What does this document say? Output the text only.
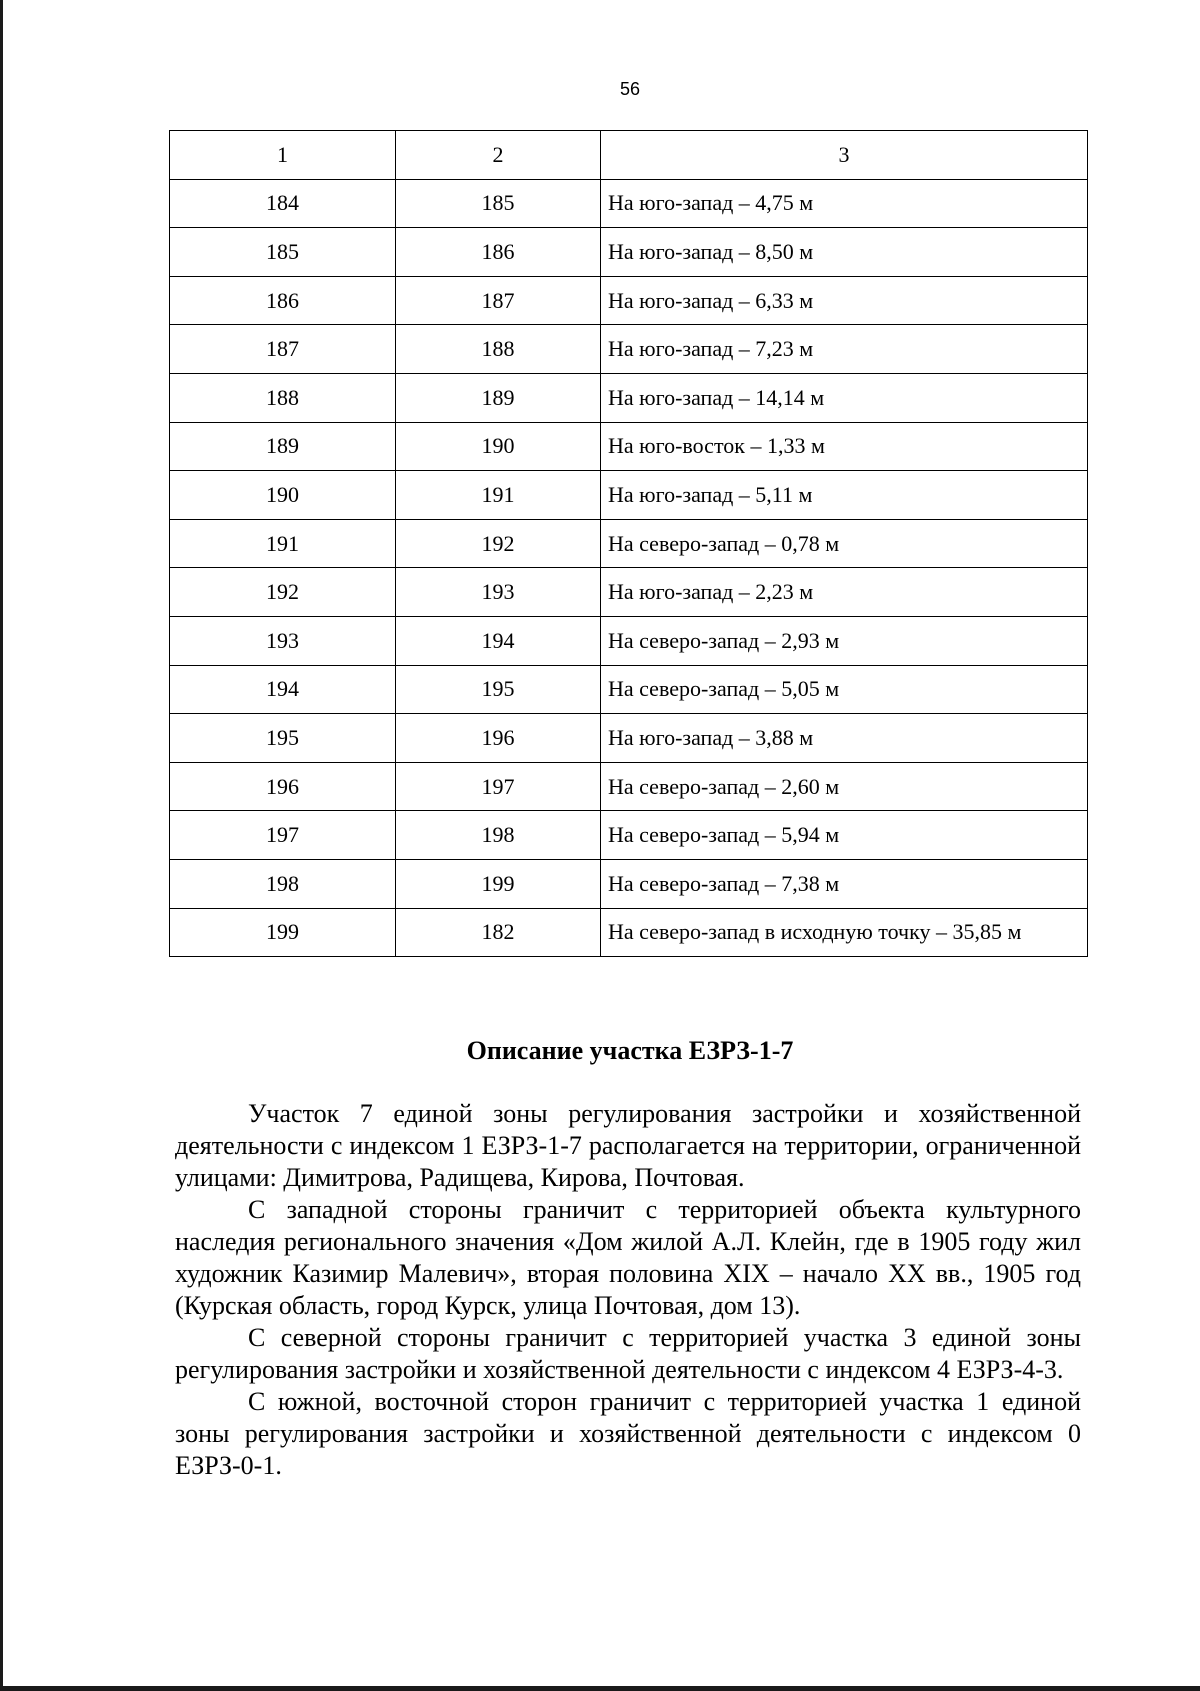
56
1	2	3
184	185	На юго-запад – 4,75 м
185	186	На юго-запад – 8,50 м
186	187	На юго-запад – 6,33 м
187	188	На юго-запад – 7,23 м
188	189	На юго-запад – 14,14 м
189	190	На юго-восток – 1,33 м
190	191	На юго-запад – 5,11 м
191	192	На северо-запад – 0,78 м
192	193	На юго-запад – 2,23 м
193	194	На северо-запад – 2,93 м
194	195	На северо-запад – 5,05 м
195	196	На юго-запад – 3,88 м
196	197	На северо-запад – 2,60 м
197	198	На северо-запад – 5,94 м
198	199	На северо-запад – 7,38 м
199	182	На северо-запад в исходную точку – 35,85 м
Описание участка ЕЗРЗ-1-7

Участок 7 единой зоны регулирования застройки и хозяйственной деятельности с индексом 1 ЕЗРЗ-1-7 располагается на территории, ограниченной улицами: Димитрова, Радищева, Кирова, Почтовая.

С западной стороны граничит с территорией объекта культурного наследия регионального значения «Дом жилой А.Л. Клейн, где в 1905 году жил художник Казимир Малевич», вторая половина XIX – начало XX вв., 1905 год (Курская область, город Курск, улица Почтовая, дом 13).

С северной стороны граничит с территорией участка 3 единой зоны регулирования застройки и хозяйственной деятельности с индексом 4 ЕЗРЗ-4-3.

С южной, восточной сторон граничит с территорией участка 1 единой зоны регулирования застройки и хозяйственной деятельности с индексом 0 ЕЗРЗ-0-1.
